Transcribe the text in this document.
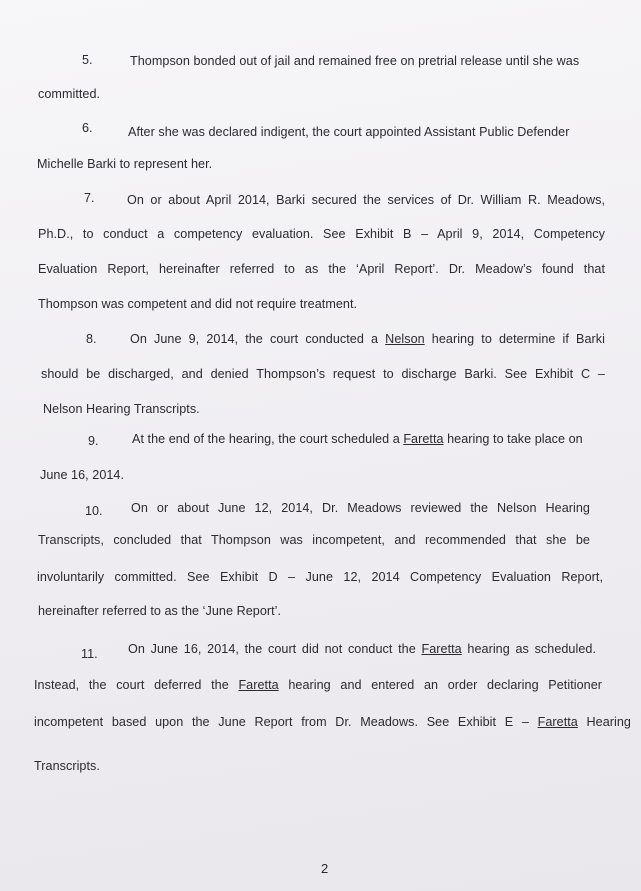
5.	Thompson bonded out of jail and remained free on pretrial release until she was
committed.
6.	After she was declared indigent, the court appointed Assistant Public Defender
Michelle Barki to represent her.
7.	On or about April 2014, Barki secured the services of Dr. William R. Meadows,
Ph.D., to conduct a competency evaluation. See Exhibit B – April 9, 2014, Competency
Evaluation Report, hereinafter referred to as the ‘April Report’. Dr. Meadow’s found that
Thompson was competent and did not require treatment.
8.	On June 9, 2014, the court conducted a Nelson hearing to determine if Barki
should be discharged, and denied Thompson’s request to discharge Barki. See Exhibit C –
Nelson Hearing Transcripts.
9.	At the end of the hearing, the court scheduled a Faretta hearing to take place on
June 16, 2014.
10. On or about June 12, 2014, Dr. Meadows reviewed the Nelson Hearing
Transcripts, concluded that Thompson was incompetent, and recommended that she be
involuntarily committed. See Exhibit D – June 12, 2014 Competency Evaluation Report,
hereinafter referred to as the ‘June Report’.
11. On June 16, 2014, the court did not conduct the Faretta hearing as scheduled.
Instead, the court deferred the Faretta hearing and entered an order declaring Petitioner
incompetent based upon the June Report from Dr. Meadows. See Exhibit E – Faretta Hearing
Transcripts.
2
